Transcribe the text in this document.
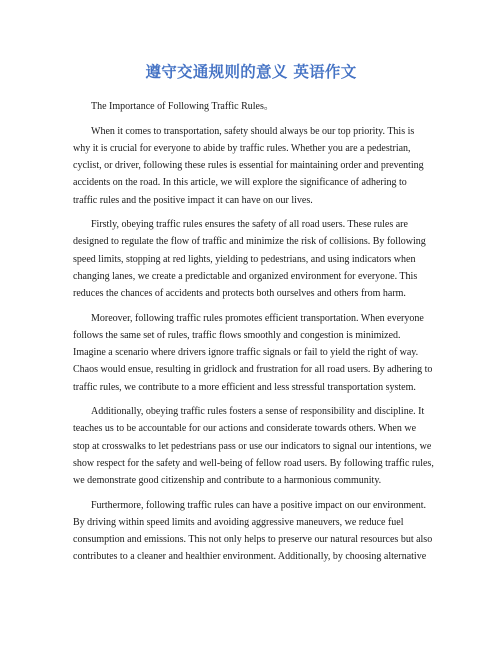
遵守交通规则的意义 英语作文
The Importance of Following Traffic Rules。
When it comes to transportation, safety should always be our top priority. This is
why it is crucial for everyone to abide by traffic rules. Whether you are a pedestrian,
cyclist, or driver, following these rules is essential for maintaining order and preventing
accidents on the road. In this article, we will explore the significance of adhering to
traffic rules and the positive impact it can have on our lives.
Firstly, obeying traffic rules ensures the safety of all road users. These rules are
designed to regulate the flow of traffic and minimize the risk of collisions. By following
speed limits, stopping at red lights, yielding to pedestrians, and using indicators when
changing lanes, we create a predictable and organized environment for everyone. This
reduces the chances of accidents and protects both ourselves and others from harm.
Moreover, following traffic rules promotes efficient transportation. When everyone
follows the same set of rules, traffic flows smoothly and congestion is minimized.
Imagine a scenario where drivers ignore traffic signals or fail to yield the right of way.
Chaos would ensue, resulting in gridlock and frustration for all road users. By adhering to
traffic rules, we contribute to a more efficient and less stressful transportation system.
Additionally, obeying traffic rules fosters a sense of responsibility and discipline. It
teaches us to be accountable for our actions and considerate towards others. When we
stop at crosswalks to let pedestrians pass or use our indicators to signal our intentions, we
show respect for the safety and well-being of fellow road users. By following traffic rules,
we demonstrate good citizenship and contribute to a harmonious community.
Furthermore, following traffic rules can have a positive impact on our environment.
By driving within speed limits and avoiding aggressive maneuvers, we reduce fuel
consumption and emissions. This not only helps to preserve our natural resources but also
contributes to a cleaner and healthier environment. Additionally, by choosing alternative
